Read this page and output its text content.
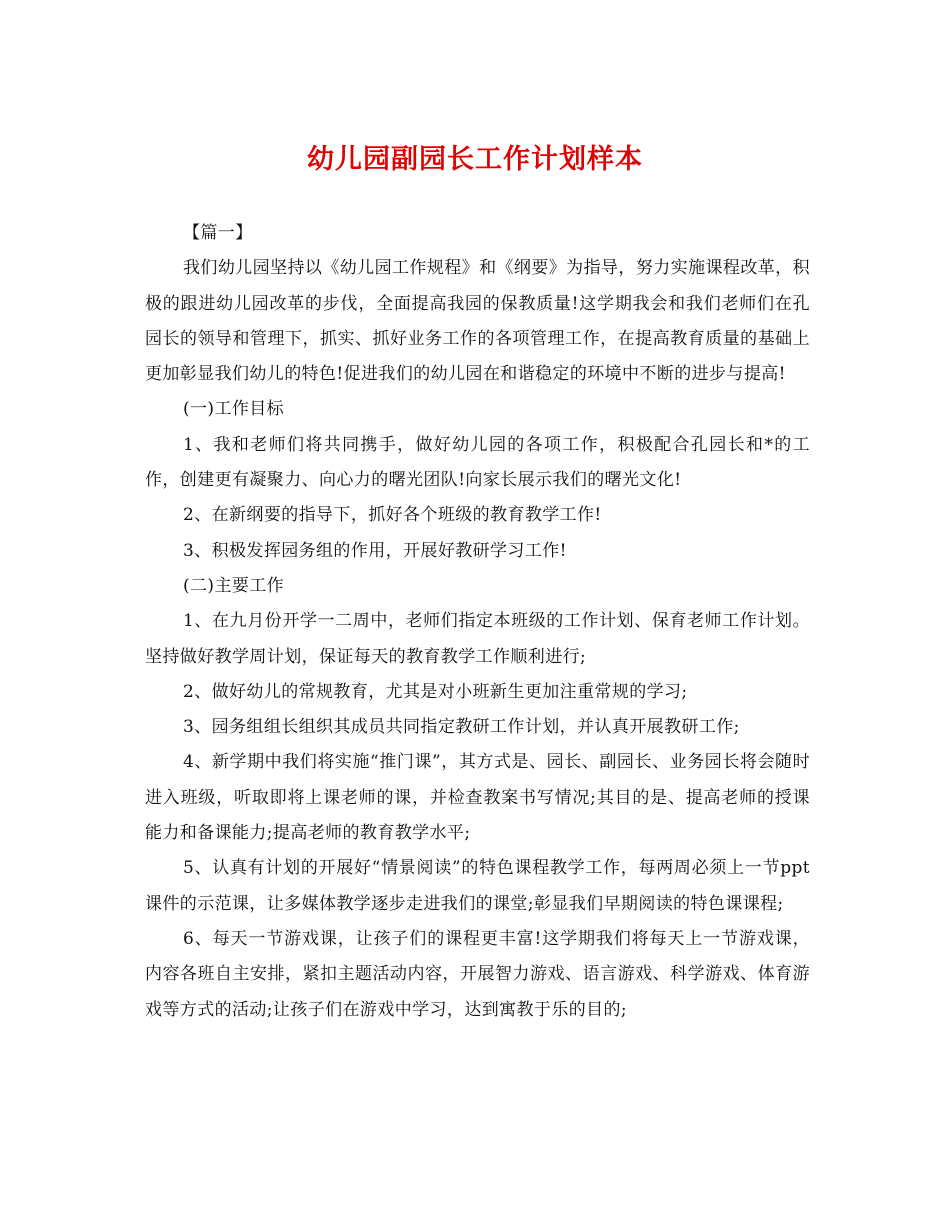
幼儿园副园长工作计划样本

【篇一】

我们幼儿园坚持以《幼儿园工作规程》和《纲要》为指导，努力实施课程改革，积极的跟进幼儿园改革的步伐，全面提高我园的保教质量!这学期我会和我们老师们在孔园长的领导和管理下，抓实、抓好业务工作的各项管理工作，在提高教育质量的基础上更加彰显我们幼儿的特色!促进我们的幼儿园在和谐稳定的环境中不断的进步与提高!

(一)工作目标

1、我和老师们将共同携手，做好幼儿园的各项工作，积极配合孔园长和*的工作，创建更有凝聚力、向心力的曙光团队!向家长展示我们的曙光文化!

2、在新纲要的指导下，抓好各个班级的教育教学工作!

3、积极发挥园务组的作用，开展好教研学习工作!

(二)主要工作

1、在九月份开学一二周中，老师们指定本班级的工作计划、保育老师工作计划。坚持做好教学周计划，保证每天的教育教学工作顺利进行;

2、做好幼儿的常规教育，尤其是对小班新生更加注重常规的学习;

3、园务组组长组织其成员共同指定教研工作计划，并认真开展教研工作;

4、新学期中我们将实施“推门课”，其方式是、园长、副园长、业务园长将会随时进入班级，听取即将上课老师的课，并检查教案书写情况;其目的是、提高老师的授课能力和备课能力;提高老师的教育教学水平;

5、认真有计划的开展好“情景阅读”的特色课程教学工作，每两周必须上一节ppt课件的示范课，让多媒体教学逐步走进我们的课堂;彰显我们早期阅读的特色课课程;

6、每天一节游戏课，让孩子们的课程更丰富!这学期我们将每天上一节游戏课，内容各班自主安排，紧扣主题活动内容，开展智力游戏、语言游戏、科学游戏、体育游戏等方式的活动;让孩子们在游戏中学习，达到寓教于乐的目的;
